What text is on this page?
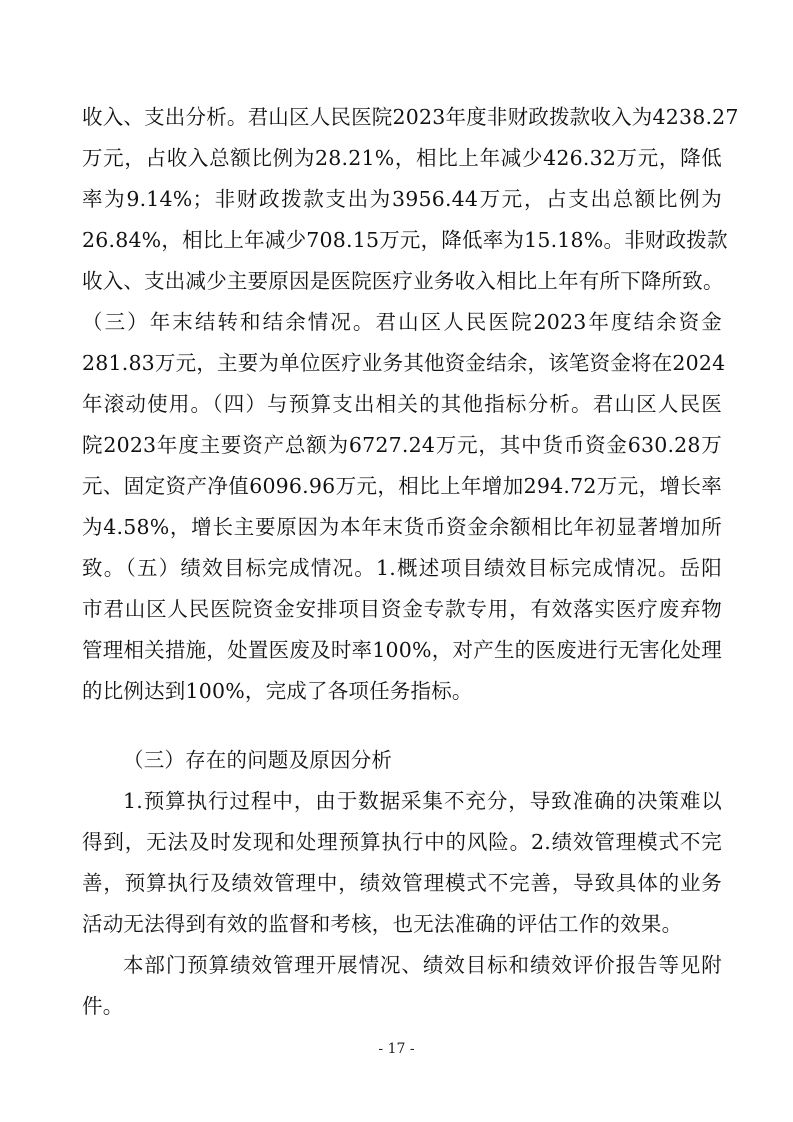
收入、支出分析。君山区人民医院2023年度非财政拨款收入为4238.27
万元，占收入总额比例为28.21%，相比上年减少426.32万元，降低
率为9.14%；非财政拨款支出为3956.44万元，占支出总额比例为
26.84%，相比上年减少708.15万元，降低率为15.18%。非财政拨款
收入、支出减少主要原因是医院医疗业务收入相比上年有所下降所致。
（三）年末结转和结余情况。君山区人民医院2023年度结余资金
281.83万元，主要为单位医疗业务其他资金结余，该笔资金将在2024
年滚动使用。（四）与预算支出相关的其他指标分析。君山区人民医
院2023年度主要资产总额为6727.24万元，其中货币资金630.28万
元、固定资产净值6096.96万元，相比上年增加294.72万元，增长率
为4.58%，增长主要原因为本年末货币资金余额相比年初显著增加所
致。（五）绩效目标完成情况。1.概述项目绩效目标完成情况。岳阳
市君山区人民医院资金安排项目资金专款专用，有效落实医疗废弃物
管理相关措施，处置医废及时率100%，对产生的医废进行无害化处理
的比例达到100%，完成了各项任务指标。
（三）存在的问题及原因分析
1.预算执行过程中，由于数据采集不充分，导致准确的决策难以
得到，无法及时发现和处理预算执行中的风险。2.绩效管理模式不完
善，预算执行及绩效管理中，绩效管理模式不完善，导致具体的业务
活动无法得到有效的监督和考核，也无法准确的评估工作的效果。
本部门预算绩效管理开展情况、绩效目标和绩效评价报告等见附
件。
- 17 -
